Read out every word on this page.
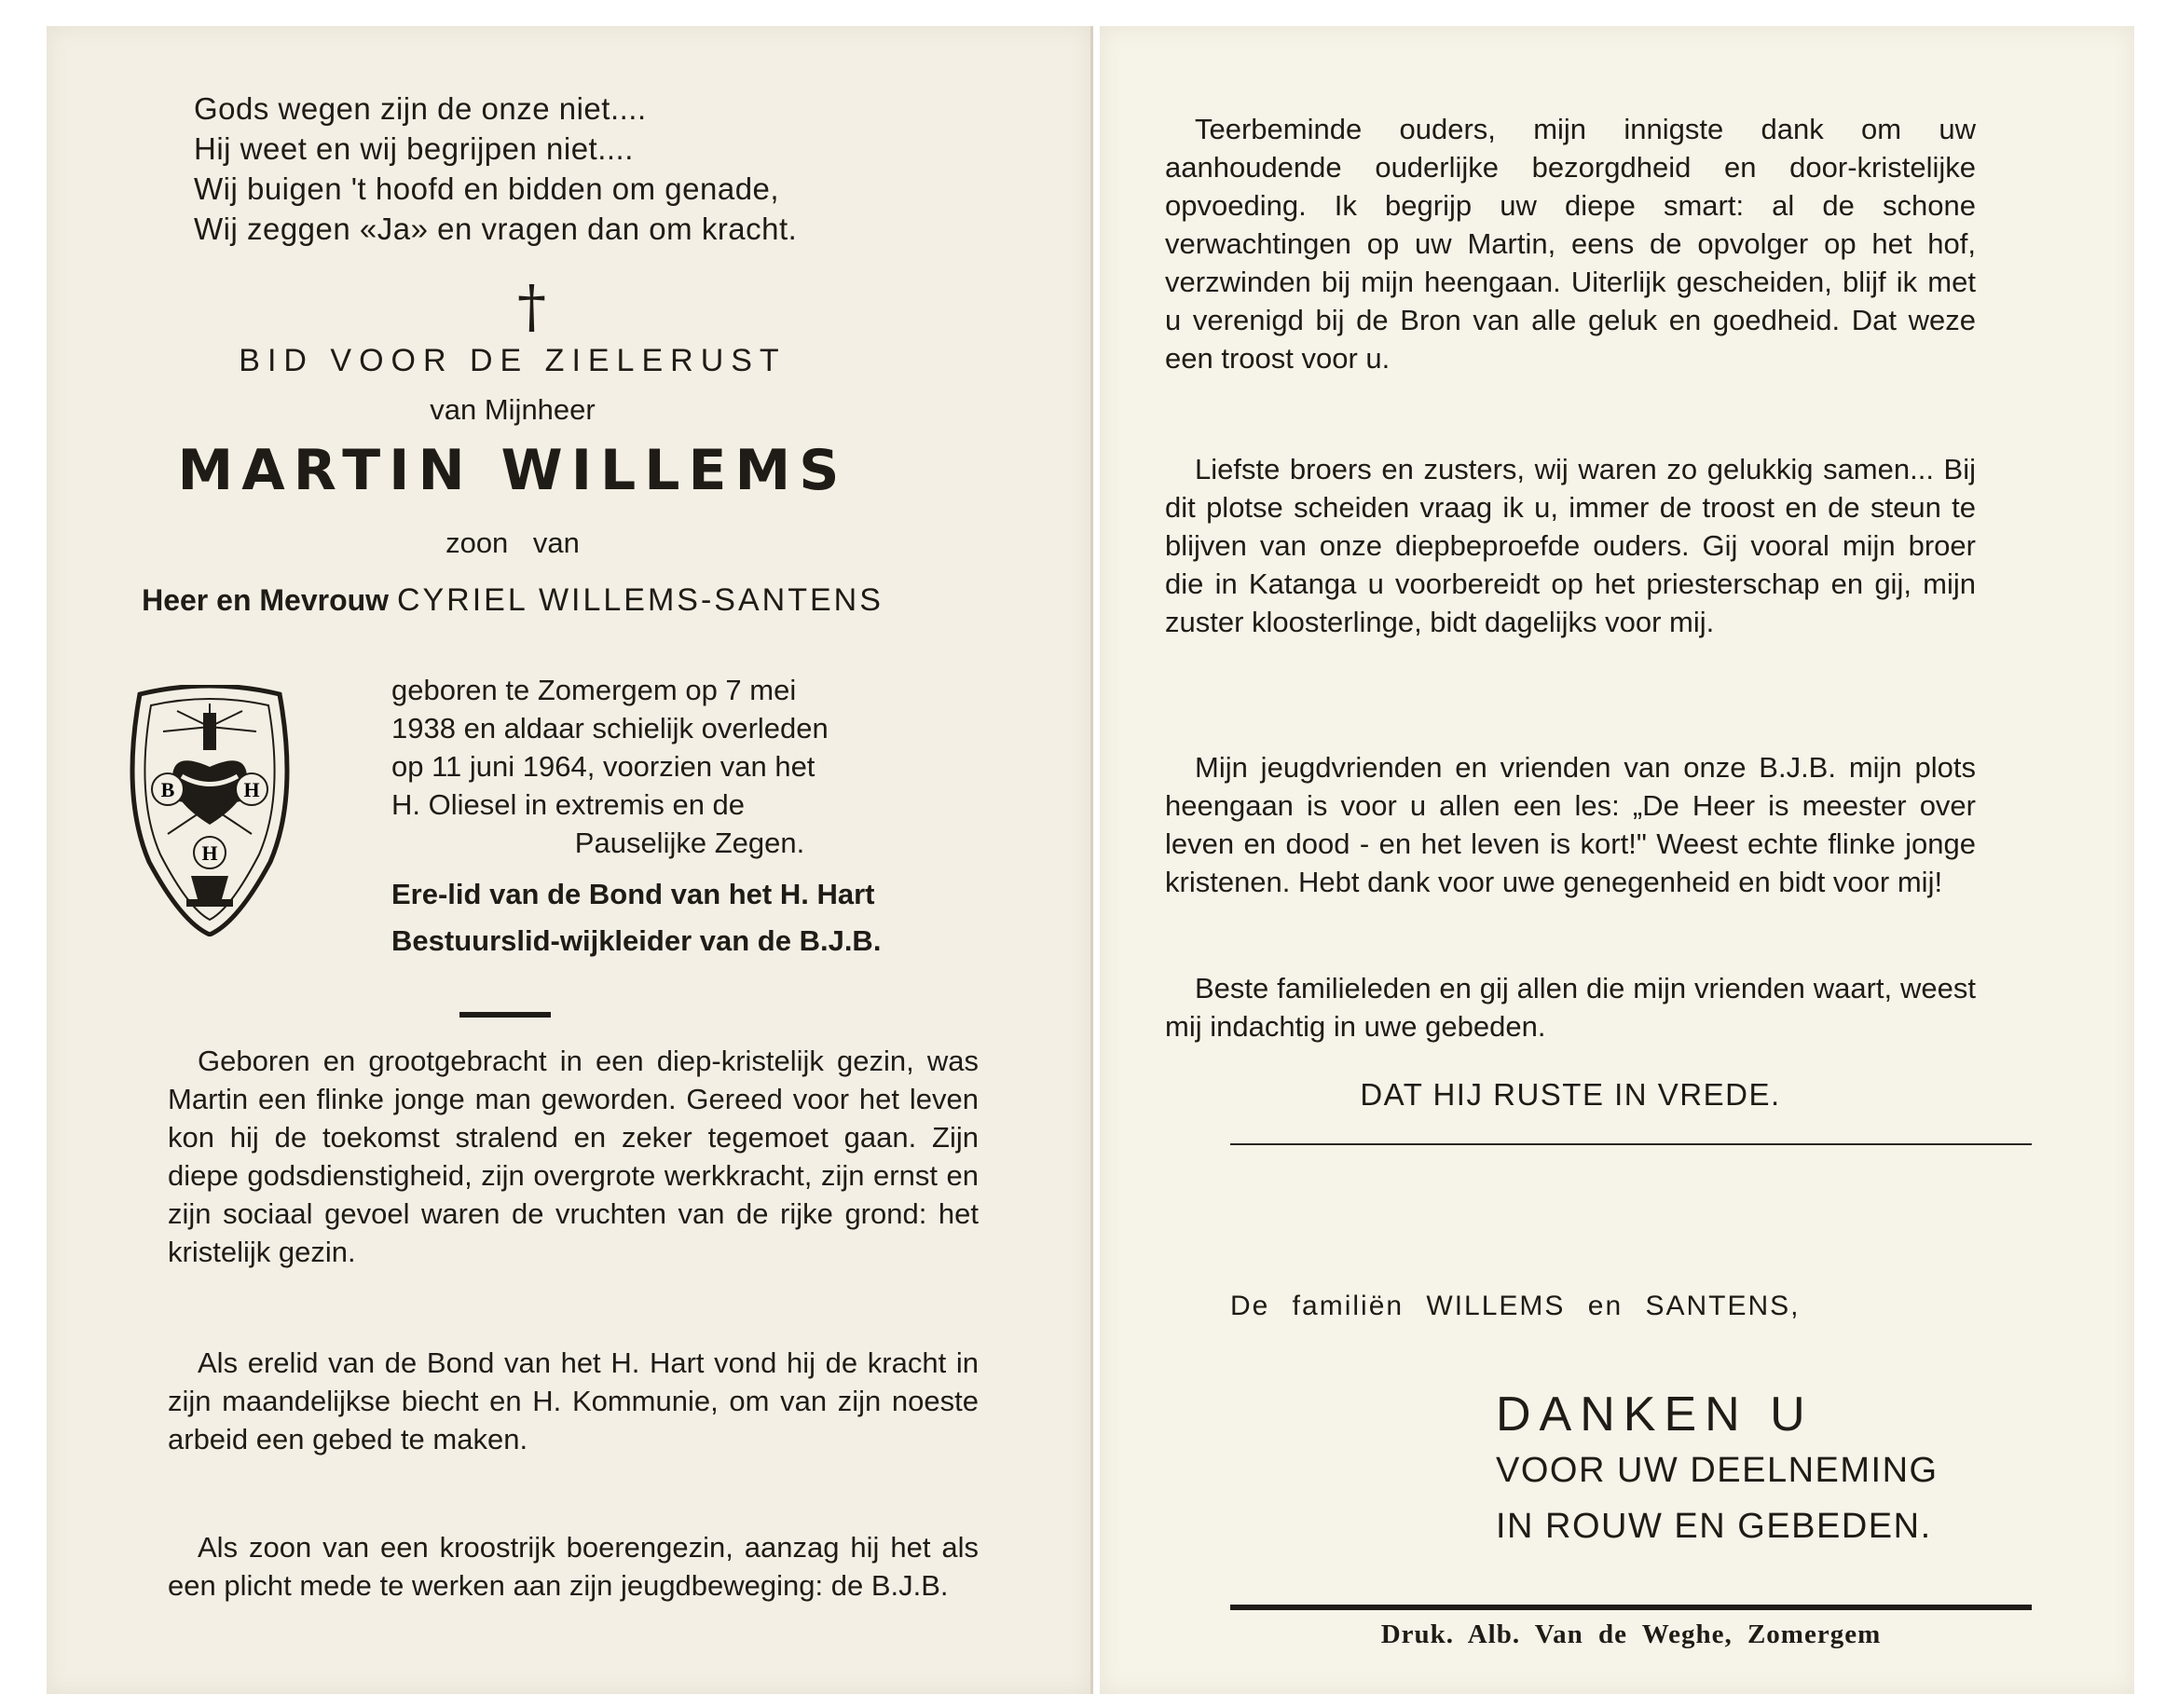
Gods wegen zijn de onze niet....
Hij weet en wij begrijpen niet....
Wij buigen 't hoofd en bidden om genade,
Wij zeggen «Ja» en vragen dan om kracht.
†
BID VOOR DE ZIELERUST
van Mijnheer
MARTIN WILLEMS
zoon van
Heer en Mevrouw CYRIEL WILLEMS-SANTENS
B	H
H
geboren te Zomergem op 7 mei
1938 en aldaar schielijk overleden
op 11 juni 1964, voorzien van het
H. Oliesel in extremis en de
Pauselijke Zegen.
Ere-lid van de Bond van het H. Hart
Bestuurslid-wijkleider van de B.J.B.

Geboren en grootgebracht in een diep-kristelijk gezin, was Martin een flinke jonge man geworden. Gereed voor het leven kon hij de toekomst stralend en zeker tegemoet gaan. Zijn diepe godsdienstigheid, zijn overgrote werkkracht, zijn ernst en zijn sociaal gevoel waren de vruchten van de rijke grond: het kristelijk gezin.

Als erelid van de Bond van het H. Hart vond hij de kracht in zijn maandelijkse biecht en H. Kommunie, om van zijn noeste arbeid een gebed te maken.

Als zoon van een kroostrijk boerengezin, aanzag hij het als een plicht mede te werken aan zijn jeugdbeweging: de B.J.B.

Teerbeminde ouders, mijn innigste dank om uw aanhoudende ouderlijke bezorgdheid en door-kristelijke opvoeding. Ik begrijp uw diepe smart: al de schone verwachtingen op uw Martin, eens de opvolger op het hof, verzwinden bij mijn heengaan. Uiterlijk gescheiden, blijf ik met u verenigd bij de Bron van alle geluk en goedheid. Dat weze een troost voor u.

Liefste broers en zusters, wij waren zo gelukkig samen... Bij dit plotse scheiden vraag ik u, immer de troost en de steun te blijven van onze diepbeproefde ouders. Gij vooral mijn broer die in Katanga u voorbereidt op het priesterschap en gij, mijn zuster kloosterlinge, bidt dagelijks voor mij.

Mijn jeugdvrienden en vrienden van onze B.J.B. mijn plots heengaan is voor u allen een les: „De Heer is meester over leven en dood - en het leven is kort!" Weest echte flinke jonge kristenen. Hebt dank voor uwe genegenheid en bidt voor mij!

Beste familieleden en gij allen die mijn vrienden waart, weest mij indachtig in uwe gebeden.

DAT HIJ RUSTE IN VREDE.
De familiën WILLEMS en SANTENS,
DANKEN U
VOOR UW DEELNEMING
IN ROUW EN GEBEDEN.
Druk. Alb. Van de Weghe, Zomergem
